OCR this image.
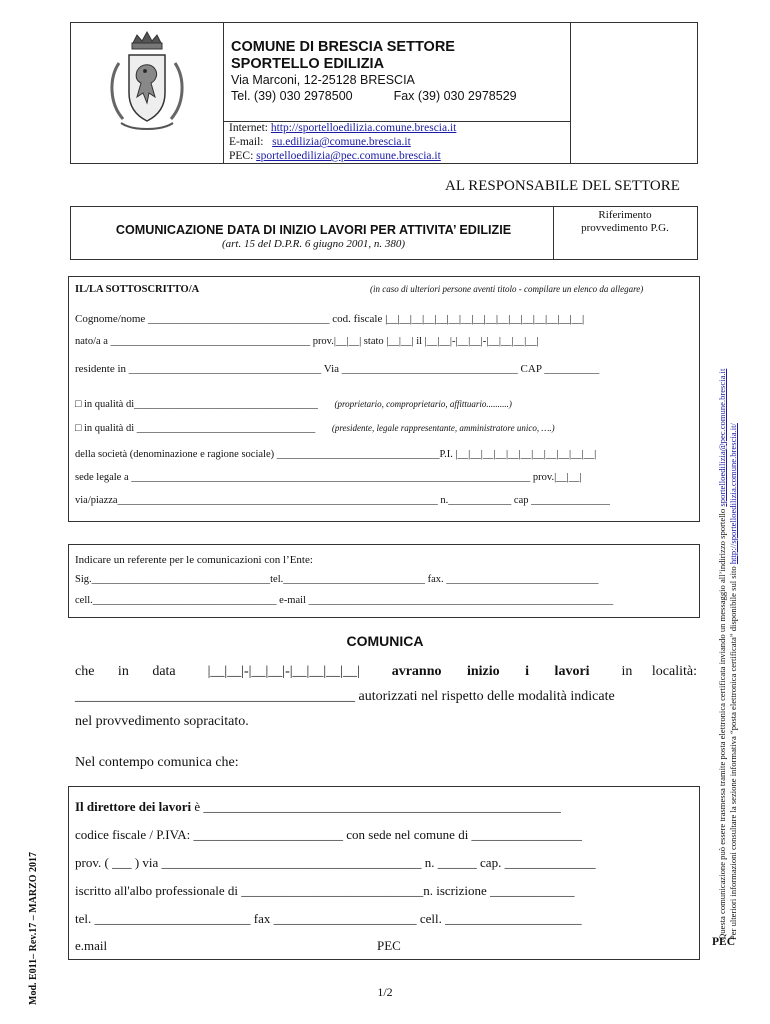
COMUNE DI BRESCIA SETTORE
SPORTELLO EDILIZIA
Via Marconi, 12-25128 BRESCIA
Tel. (39) 030 2978500	Fax (39) 030 2978529
Internet: http://sportelloedilizia.comune.brescia.it
E-mail: su.edilizia@comune.brescia.it
PEC: sportelloedilizia@pec.comune.brescia.it
AL RESPONSABILE DEL SETTORE
COMUNICAZIONE DATA DI INIZIO LAVORI PER ATTIVITA’ EDILIZIE
(art. 15 del D.P.R. 6 giugno 2001, n. 380)
Riferimento
provvedimento P.G.
IL/LA SOTTOSCRITTO/A	(in caso di ulteriori persone aventi titolo - compilare un elenco da allegare)
Cognome/nome _________________________________ cod. fiscale |__|__|__|__|__|__|__|__|__|__|__|__|__|__|__|__|
nato/a a ______________________________________ prov.|__|__| stato |__|__| il |__|__|-|__|__|-|__|__|__|__|
residente in ___________________________________ Via ________________________________ CAP __________
□ in qualità di___________________________________ (proprietario, comproprietario, affittuario..........)
□ in qualità di __________________________________ (presidente, legale rappresentante, amministratore unico, ….)
della società (denominazione e ragione sociale) _______________________________P.I. |__|__|__|__|__|__|__|__|__|__|__|
sede legale a ____________________________________________________________________________ prov.|__|__|
via/piazza_____________________________________________________________ n.____________ cap _______________
Indicare un referente per le comunicazioni con l’Ente:
Sig.__________________________________tel.___________________________ fax. _____________________________
cell.___________________________________ e-mail __________________________________________________________
COMUNICA
che in data |__|__|-|__|__|-|__|__|__|__| avranno inizio i lavori in località:
________________________________________ autorizzati nel rispetto delle modalità indicate
nel provvedimento sopracitato.
Nel contempo comunica che:
Il direttore dei lavori è _______________________________________________________
codice fiscale / P.IVA: _______________________ con sede nel comune di _________________
prov. ( ___ ) via ________________________________________ n. ______ cap. ______________
iscritto all'albo professionale di ____________________________n. iscrizione _____________
tel. ________________________ fax ______________________ cell. _____________________
e.mail	PEC
Questa comunicazione può essere trasmessa tramite posta elettronica certificata inviando un messaggio all’indirizzo sportello sportelloedilizia@pec.comune.brescia.it
Per ulteriori informazioni consultare la sezione informativa “posta elettronica certificata” disponibile sul sito http://sportelloedilizia.comune.brescia.it/
PEC
Mod. E011– Rev.17 – MARZO 2017	1/2
